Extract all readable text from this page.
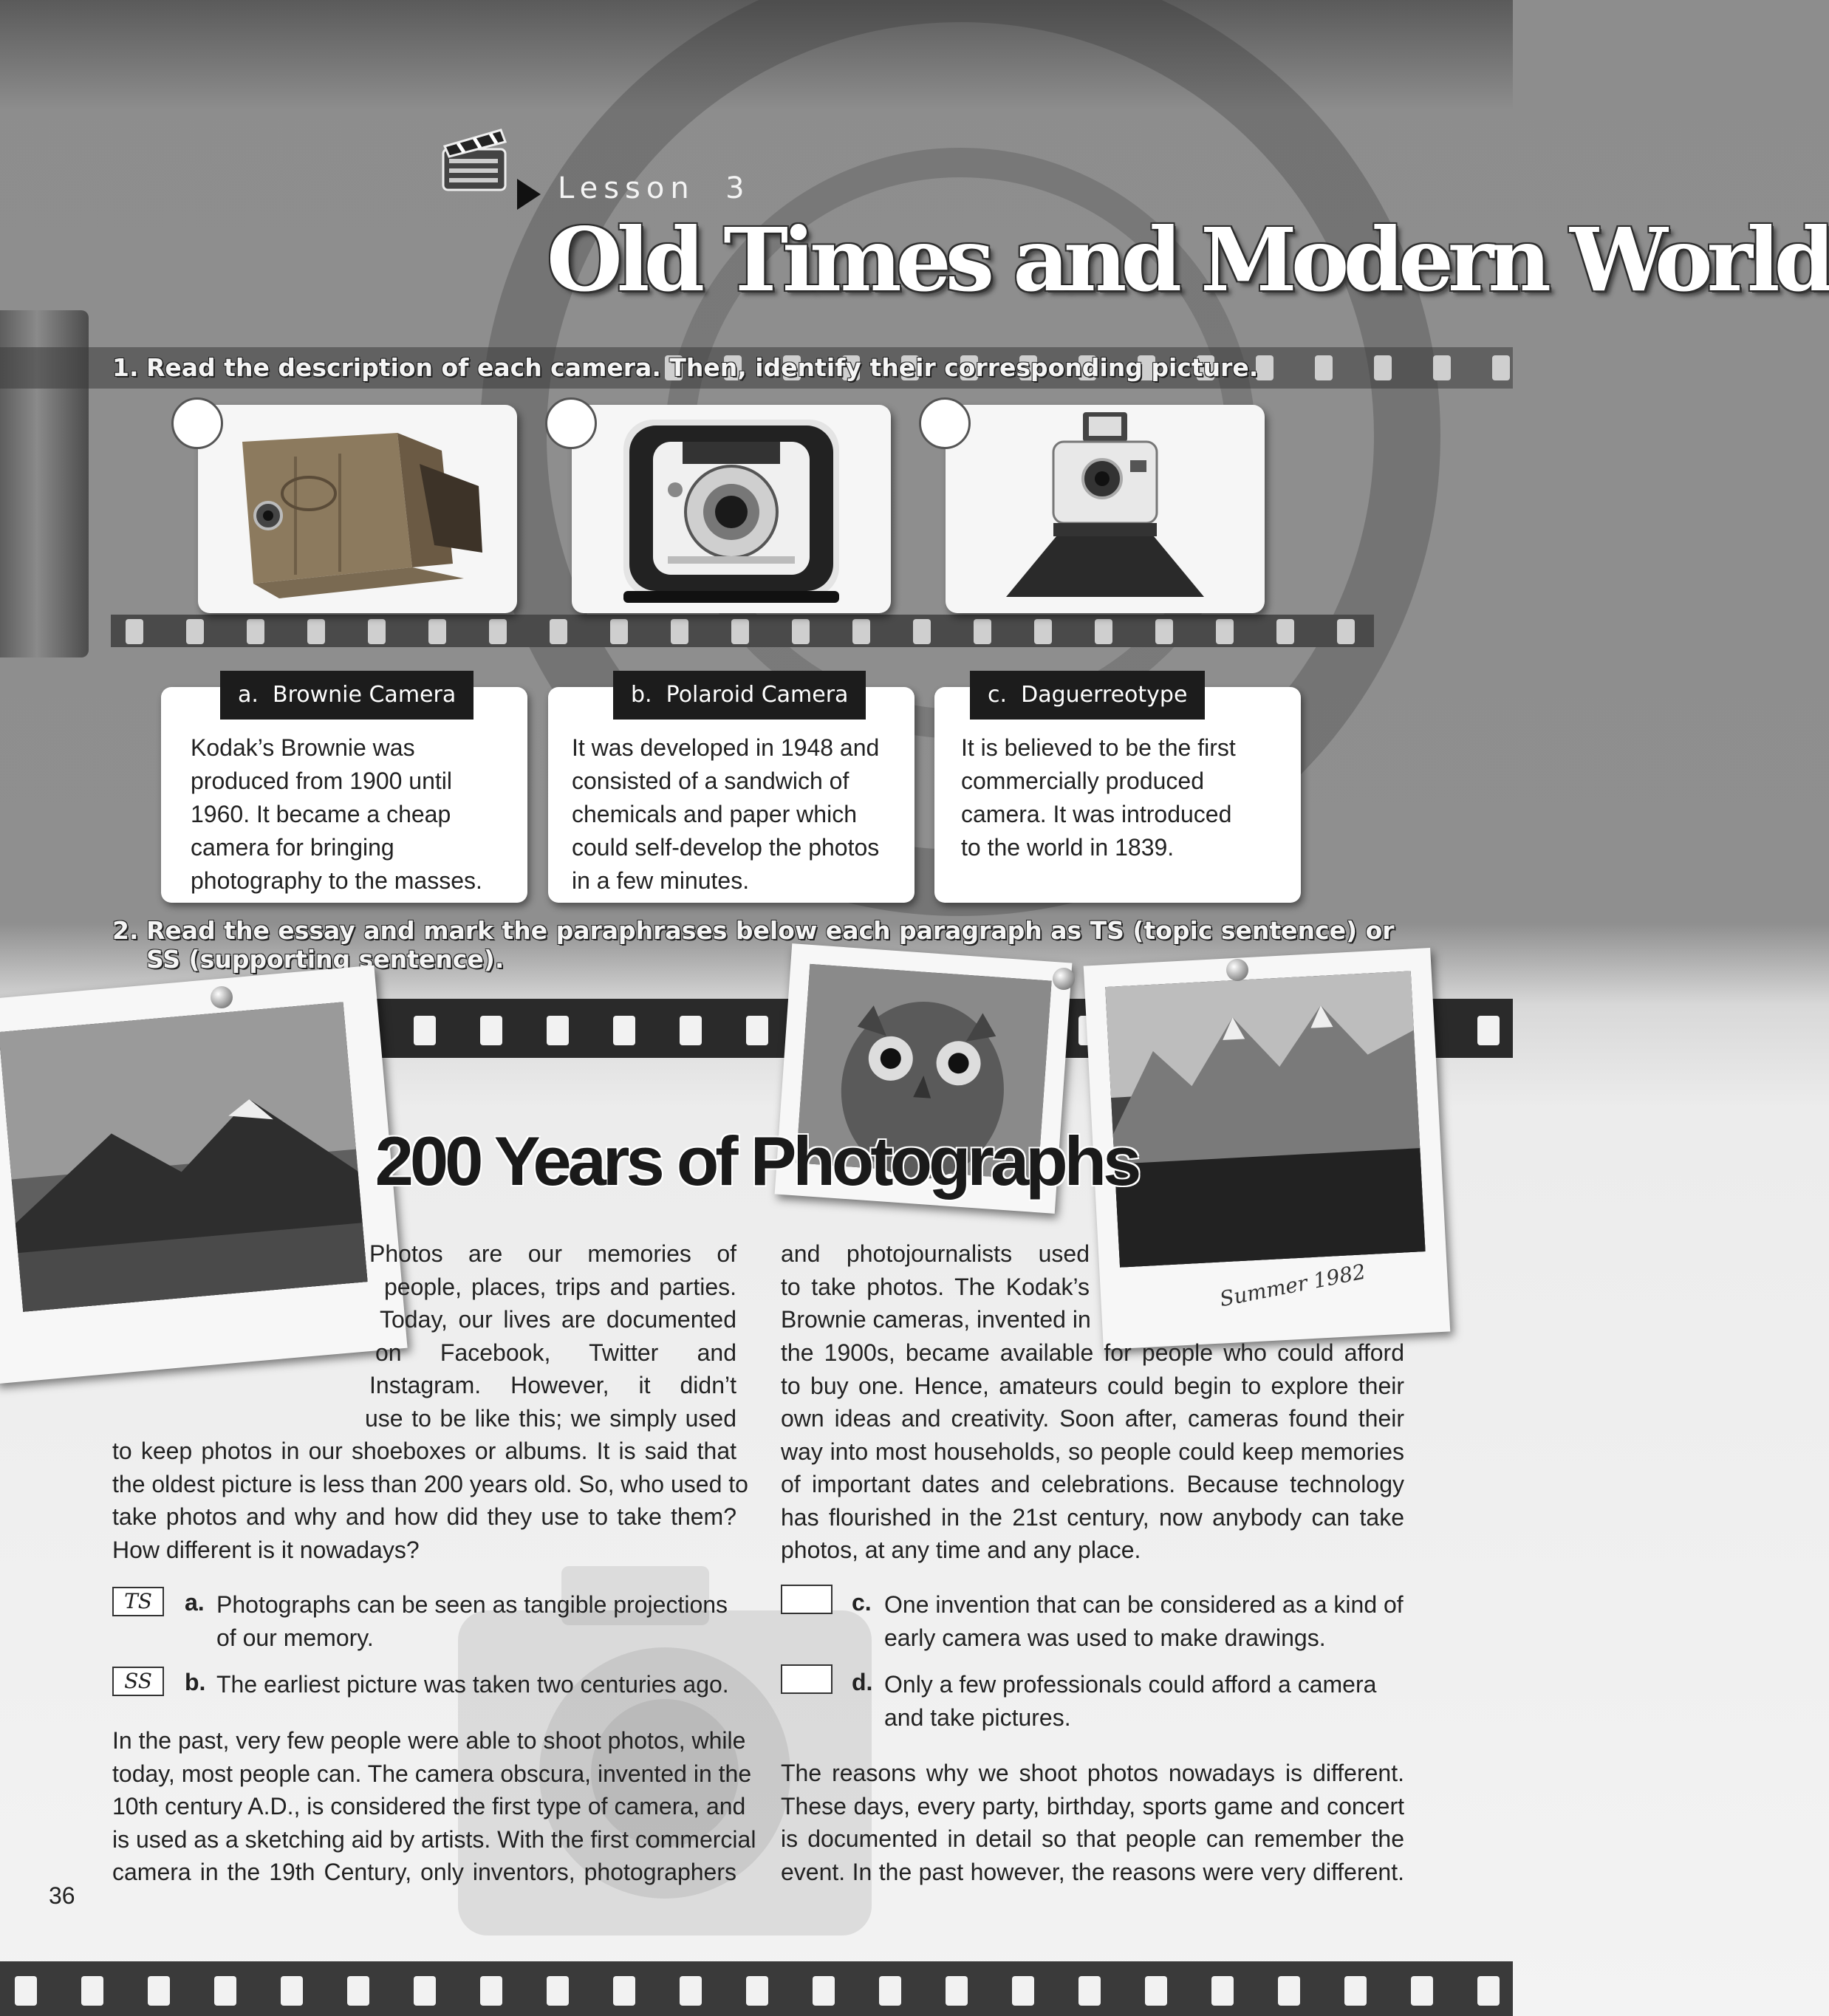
Lesson 3
Old Times and Modern World
1. Read the description of each camera. Then, identify their corresponding picture.
a. Brownie Camera
Kodak’s Brownie was
produced from 1900 until
1960. It became a cheap
camera for bringing
photography to the masses.
b. Polaroid Camera
It was developed in 1948 and
consisted of a sandwich of
chemicals and paper which
could self-develop the photos
in a few minutes.
c. Daguerreotype
It is believed to be the first
commercially produced
camera. It was introduced
to the world in 1839.
2. Read the essay and mark the paraphrases below each paragraph as TS (topic sentence) or
SS (supporting sentence).
Summer 1982
200 Years of Photographs
Photos are our memories of
people, places, trips and parties.
Today, our lives are documented
on Facebook, Twitter and
Instagram. However, it didn’t
use to be like this; we simply used
to keep photos in our shoeboxes or albums. It is said that
the oldest picture is less than 200 years old. So, who used to
take photos and why and how did they use to take them?
How different is it nowadays?
TS	a. Photographs can be seen as tangible projections
of our memory.
SS	b. The earliest picture was taken two centuries ago.
In the past, very few people were able to shoot photos, while
today, most people can. The camera obscura, invented in the
10th century A.D., is considered the first type of camera, and
is used as a sketching aid by artists. With the first commercial
camera in the 19th Century, only inventors, photographers
and photojournalists used
to take photos. The Kodak’s
Brownie cameras, invented in
the 1900s, became available for people who could afford
to buy one. Hence, amateurs could begin to explore their
own ideas and creativity. Soon after, cameras found their
way into most households, so people could keep memories
of important dates and celebrations. Because technology
has flourished in the 21st century, now anybody can take
photos, at any time and any place.
c. One invention that can be considered as a kind of
early camera was used to make drawings.
d. Only a few professionals could afford a camera
and take pictures.
The reasons why we shoot photos nowadays is different.
These days, every party, birthday, sports game and concert
is documented in detail so that people can remember the
event. In the past however, the reasons were very different.
36
